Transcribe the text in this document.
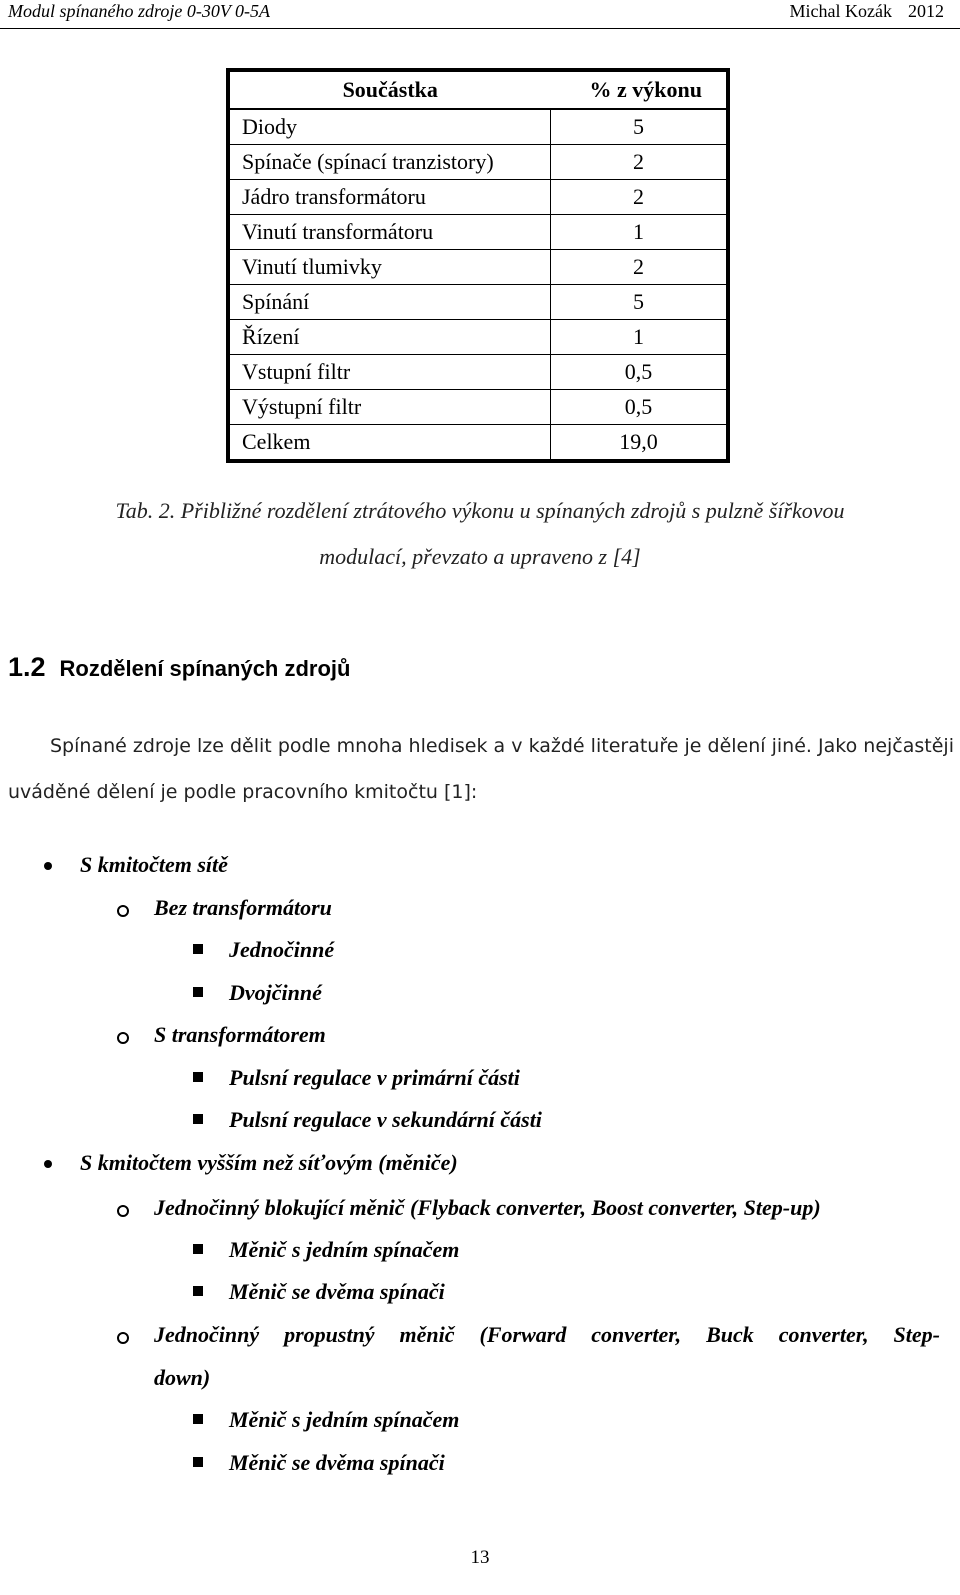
Modul spínaného zdroje 0-30V 0-5A	Michal Kozák 2012
Součástka	% z výkonu
Diody	5
Spínače (spínací tranzistory)	2
Jádro transformátoru	2
Vinutí transformátoru	1
Vinutí tlumivky	2
Spínání	5
Řízení	1
Vstupní filtr	0,5
Výstupní filtr	0,5
Celkem	19,0
Tab. 2. Přibližné rozdělení ztrátového výkonu u spínaných zdrojů s pulzně šířkovou
modulací, převzato a upraveno z [4]
1.2 Rozdělení spínaných zdrojů
Spínané zdroje lze dělit podle mnoha hledisek a v každé literatuře je dělení jiné. Jako nejčastěji uváděné dělení je podle pracovního kmitočtu [1]:
S kmitočtem sítě
Bez transformátoru
Jednočinné
Dvojčinné
S transformátorem
Pulsní regulace v primární části
Pulsní regulace v sekundární části
S kmitočtem vyšším než síťovým (měniče)
Jednočinný blokující měnič (Flyback converter, Boost converter, Step-up)
Měnič s jedním spínačem
Měnič se dvěma spínači
Jednočinný propustný měnič (Forward converter, Buck converter, Step-
down)
Měnič s jedním spínačem
Měnič se dvěma spínači
13
